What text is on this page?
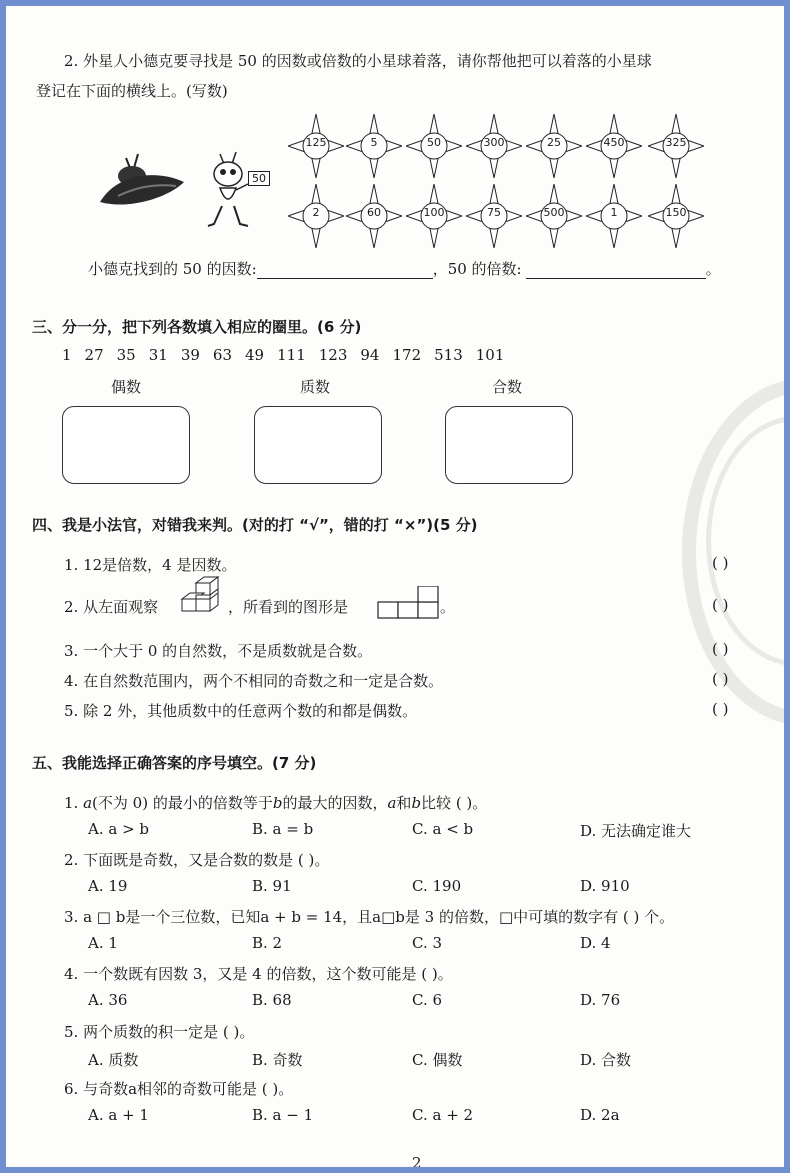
2. 外星人小德克要寻找是 50 的因数或倍数的小星球着落，请你帮他把可以着落的小星球
登记在下面的横线上。(写数)
50
125	5	50	300	25	450	325
2	60	100	75	500	1	150
小德克找到的 50 的因数:	，50 的倍数:	。
三、分一分，把下列各数填入相应的圈里。(6 分)
1 27 35 31 39 63 49 111 123 94 172 513 101
偶数	质数	合数
四、我是小法官，对错我来判。(对的打 “√”，错的打 “×”)(5 分)
1. 12是倍数，4 是因数。	( )
2. 从左面观察	，所看到的图形是	。	( )
3. 一个大于 0 的自然数，不是质数就是合数。	( )
4. 在自然数范围内，两个不相同的奇数之和一定是合数。	( )
5. 除 2 外，其他质数中的任意两个数的和都是偶数。	( )
五、我能选择正确答案的序号填空。(7 分)
1. a(不为 0) 的最小的倍数等于b的最大的因数，a和b比较 ( )。
A. a > b	B. a = b	C. a < b	D. 无法确定谁大
2. 下面既是奇数，又是合数的数是 ( )。
A. 19	B. 91	C. 190	D. 910
3. a □ b是一个三位数，已知a + b = 14，且a□b是 3 的倍数，□中可填的数字有 ( ) 个。
A. 1	B. 2	C. 3	D. 4
4. 一个数既有因数 3，又是 4 的倍数，这个数可能是 ( )。
A. 36	B. 68	C. 6	D. 76
5. 两个质数的积一定是 ( )。
A. 质数	B. 奇数	C. 偶数	D. 合数
6. 与奇数a相邻的奇数可能是 ( )。
A. a + 1	B. a − 1	C. a + 2	D. 2a
2
